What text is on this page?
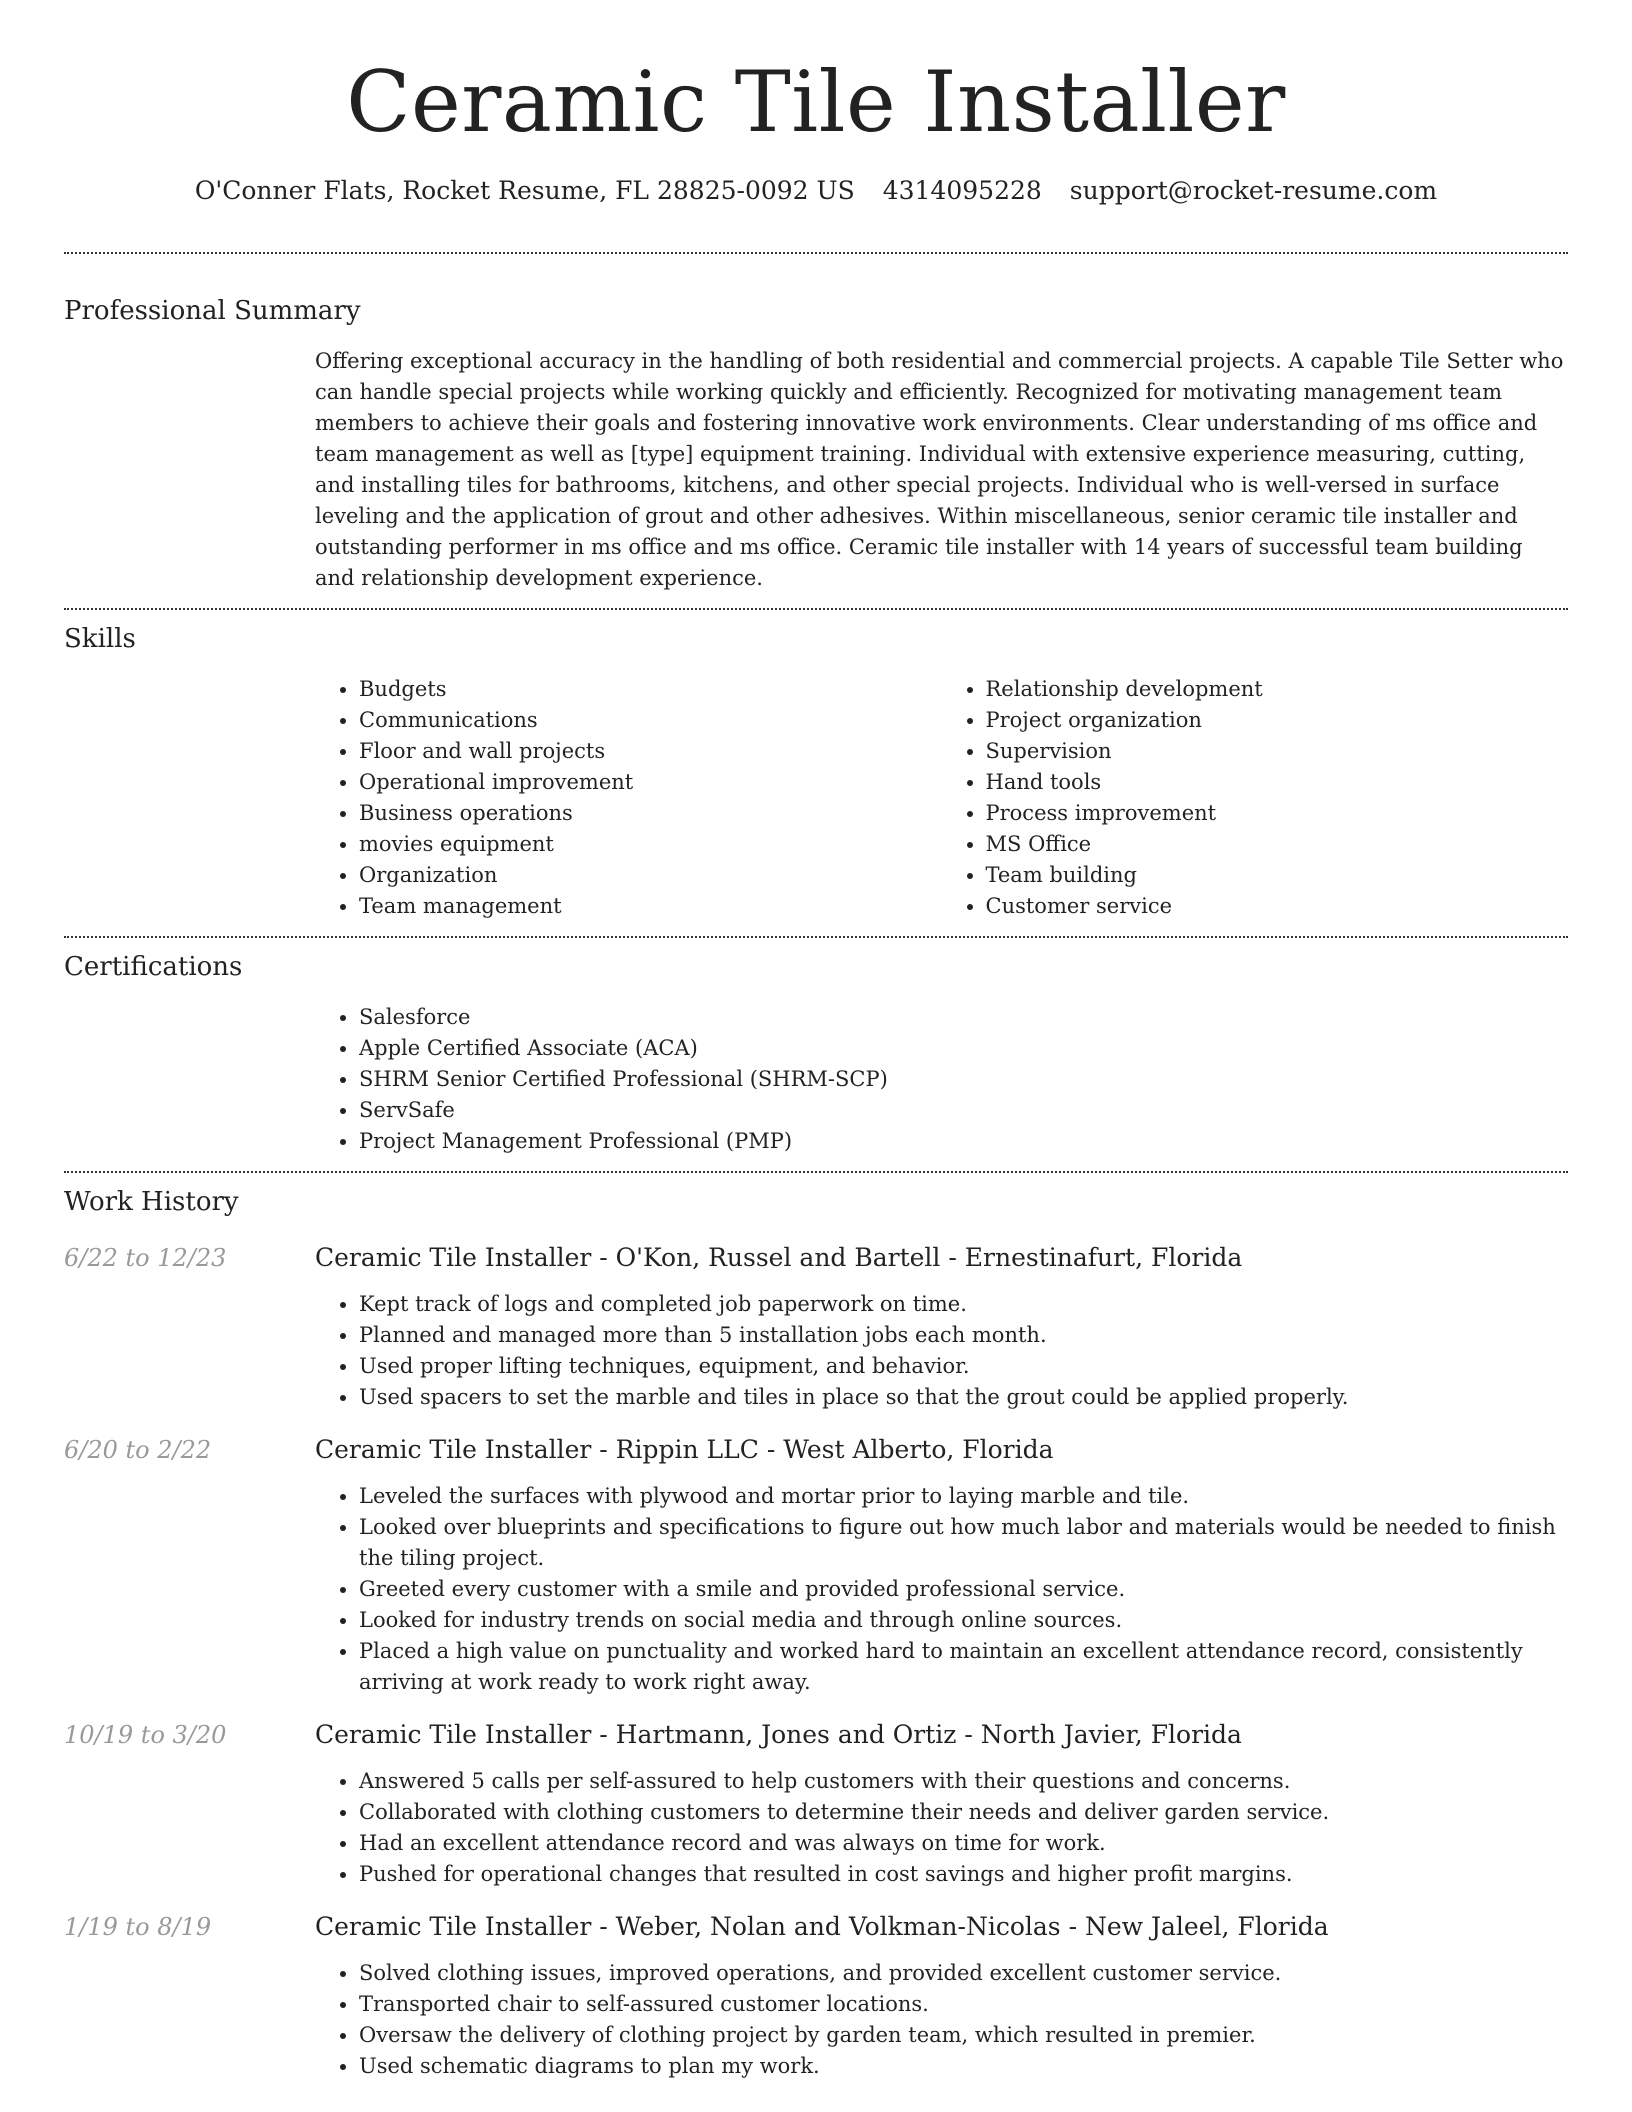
Ceramic Tile Installer
O'Conner Flats, Rocket Resume, FL 28825-0092 US 4314095228 support@rocket-resume.com
Professional Summary

Offering exceptional accuracy in the handling of both residential and commercial projects. A capable Tile Setter who can handle special projects while working quickly and efficiently. Recognized for motivating management team members to achieve their goals and fostering innovative work environments. Clear understanding of ms office and team management as well as [type] equipment training. Individual with extensive experience measuring, cutting, and installing tiles for bathrooms, kitchens, and other special projects. Individual who is well-versed in surface leveling and the application of grout and other adhesives. Within miscellaneous, senior ceramic tile installer and outstanding performer in ms office and ms office. Ceramic tile installer with 14 years of successful team building and relationship development experience.

Skills
• Budgets
• Communications
• Floor and wall projects
• Operational improvement
• Business operations
• movies equipment
• Organization
• Team management
• Relationship development
• Project organization
• Supervision
• Hand tools
• Process improvement
• MS Office
• Team building
• Customer service
Certifications
• Salesforce
• Apple Certified Associate (ACA)
• SHRM Senior Certified Professional (SHRM-SCP)
• ServSafe
• Project Management Professional (PMP)
Work History
6/22 to 12/23	Ceramic Tile Installer - O'Kon, Russel and Bartell - Ernestinafurt, Florida
• Kept track of logs and completed job paperwork on time.
• Planned and managed more than 5 installation jobs each month.
• Used proper lifting techniques, equipment, and behavior.
• Used spacers to set the marble and tiles in place so that the grout could be applied properly.
6/20 to 2/22	Ceramic Tile Installer - Rippin LLC - West Alberto, Florida
• Leveled the surfaces with plywood and mortar prior to laying marble and tile.
• Looked over blueprints and specifications to figure out how much labor and materials would be needed to finish the tiling project.
• Greeted every customer with a smile and provided professional service.
• Looked for industry trends on social media and through online sources.
• Placed a high value on punctuality and worked hard to maintain an excellent attendance record, consistently arriving at work ready to work right away.
10/19 to 3/20	Ceramic Tile Installer - Hartmann, Jones and Ortiz - North Javier, Florida
• Answered 5 calls per self-assured to help customers with their questions and concerns.
• Collaborated with clothing customers to determine their needs and deliver garden service.
• Had an excellent attendance record and was always on time for work.
• Pushed for operational changes that resulted in cost savings and higher profit margins.
1/19 to 8/19	Ceramic Tile Installer - Weber, Nolan and Volkman-Nicolas - New Jaleel, Florida
• Solved clothing issues, improved operations, and provided excellent customer service.
• Transported chair to self-assured customer locations.
• Oversaw the delivery of clothing project by garden team, which resulted in premier.
• Used schematic diagrams to plan my work.
